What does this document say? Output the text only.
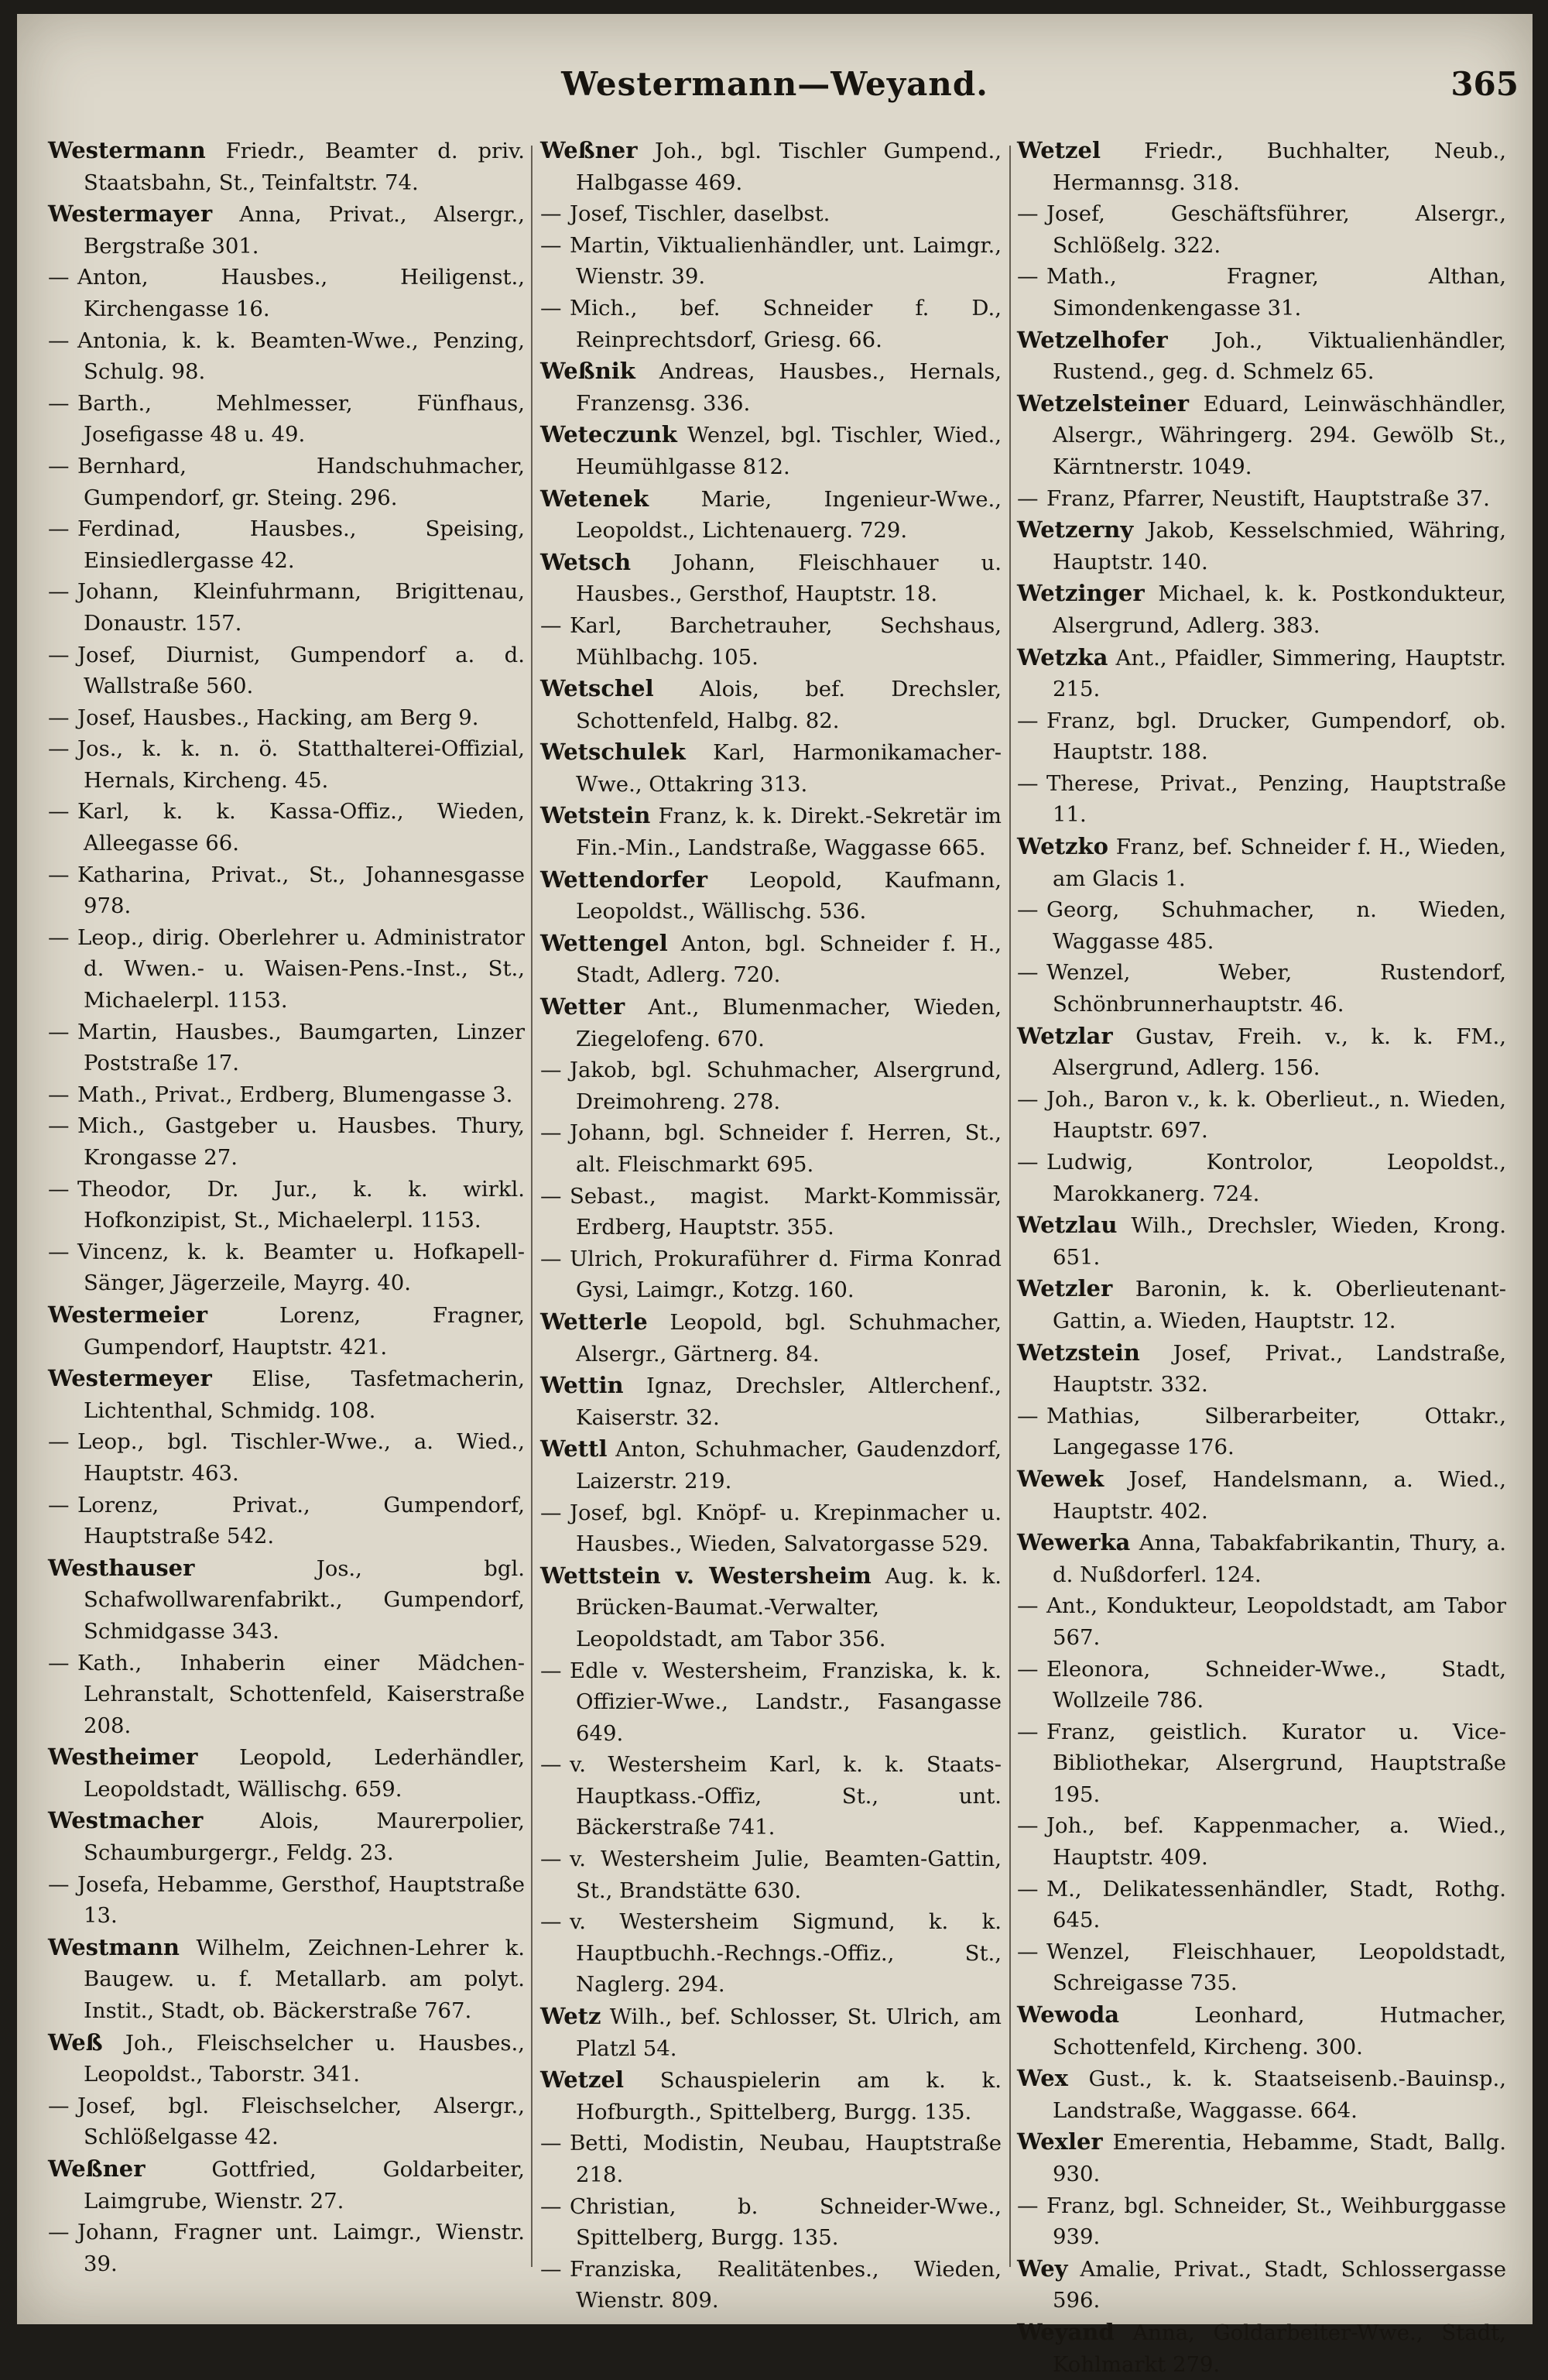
Westermann—Weyand.	365

Westermann Friedr., Beamter d. priv. Staatsbahn, St., Teinfaltstr. 74.

Westermayer Anna, Privat., Alsergr., Bergstraße 301.

— Anton, Hausbes., Heiligenst., Kirchengasse 16.

— Antonia, k. k. Beamten-Wwe., Penzing, Schulg. 98.

— Barth., Mehlmesser, Fünfhaus, Josefigasse 48 u. 49.

— Bernhard, Handschuhmacher, Gumpendorf, gr. Steing. 296.

— Ferdinad, Hausbes., Speising, Einsiedlergasse 42.

— Johann, Kleinfuhrmann, Brigittenau, Donaustr. 157.

— Josef, Diurnist, Gumpendorf a. d. Wallstraße 560.

— Josef, Hausbes., Hacking, am Berg 9.

— Jos., k. k. n. ö. Statthalterei-Offizial, Hernals, Kircheng. 45.

— Karl, k. k. Kassa-Offiz., Wieden, Alleegasse 66.

— Katharina, Privat., St., Johannesgasse 978.

— Leop., dirig. Oberlehrer u. Administrator d. Wwen.- u. Waisen-Pens.-Inst., St., Michaelerpl. 1153.

— Martin, Hausbes., Baumgarten, Linzer Poststraße 17.

— Math., Privat., Erdberg, Blumengasse 3.

— Mich., Gastgeber u. Hausbes. Thury, Krongasse 27.

— Theodor, Dr. Jur., k. k. wirkl. Hofkonzipist, St., Michaelerpl. 1153.

— Vincenz, k. k. Beamter u. Hofkapell-Sänger, Jägerzeile, Mayrg. 40.

Westermeier	Lorenz, Fragner, Gumpendorf, Hauptstr. 421.

Westermeyer Elise, Tasfetmacherin, Lichtenthal, Schmidg. 108.

— Leop., bgl. Tischler-Wwe., a. Wied., Hauptstr. 463.

— Lorenz, Privat., Gumpendorf, Hauptstraße 542.

Westhauser	Jos., bgl. Schafwollwarenfabrikt., Gumpendorf, Schmidgasse 343.

— Kath., Inhaberin einer Mädchen-Lehranstalt, Schottenfeld, Kaiserstraße 208.

Westheimer Leopold, Lederhändler, Leopoldstadt, Wällischg. 659.

Westmacher	Alois, Maurerpolier, Schaumburgergr., Feldg. 23.

— Josefa, Hebamme, Gersthof, Hauptstraße 13.

Westmann Wilhelm, Zeichnen-Lehrer k. Baugew. u. f. Metallarb. am polyt. Instit., Stadt, ob. Bäckerstraße 767.

Weß Joh., Fleischselcher u. Hausbes., Leopoldst., Taborstr. 341.

— Josef, bgl. Fleischselcher, Alsergr., Schlößelgasse 42.

Weßner	Gottfried, Goldarbeiter, Laimgrube, Wienstr. 27.

— Johann, Fragner unt. Laimgr., Wienstr. 39.

Weßner Joh., bgl. Tischler Gumpend., Halbgasse 469.

— Josef, Tischler, daselbst.

— Martin, Viktualienhändler, unt. Laimgr., Wienstr. 39.

— Mich., bef. Schneider f. D., Reinprechtsdorf, Griesg. 66.

Weßnik Andreas, Hausbes., Hernals, Franzensg. 336.

Weteczunk Wenzel, bgl. Tischler, Wied., Heumühlgasse 812.

Wetenek Marie, Ingenieur-Wwe., Leopoldst., Lichtenauerg. 729.

Wetsch Johann, Fleischhauer u. Hausbes., Gersthof, Hauptstr. 18.

— Karl, Barchetrauher, Sechshaus, Mühlbachg. 105.

Wetschel Alois, bef. Drechsler, Schottenfeld, Halbg. 82.

Wetschulek Karl, Harmonikamacher-Wwe., Ottakring 313.

Wetstein Franz, k. k. Direkt.-Sekretär im Fin.-Min., Landstraße, Waggasse 665.

Wettendorfer Leopold, Kaufmann, Leopoldst., Wällischg. 536.

Wettengel Anton, bgl. Schneider f. H., Stadt, Adlerg. 720.

Wetter Ant., Blumenmacher, Wieden, Ziegelofeng. 670.

— Jakob, bgl. Schuhmacher, Alsergrund, Dreimohreng. 278.

— Johann, bgl. Schneider f. Herren, St., alt. Fleischmarkt 695.

— Sebast., magist. Markt-Kommissär, Erdberg, Hauptstr. 355.

— Ulrich, Prokuraführer d. Firma Konrad Gysi, Laimgr., Kotzg. 160.

Wetterle Leopold, bgl. Schuhmacher, Alsergr., Gärtnerg. 84.

Wettin Ignaz, Drechsler, Altlerchenf., Kaiserstr. 32.

Wettl Anton, Schuhmacher, Gaudenzdorf, Laizerstr. 219.

— Josef, bgl. Knöpf- u. Krepinmacher u. Hausbes., Wieden, Salvatorgasse 529.

Wettstein v. Westersheim Aug. k. k. Brücken-Baumat.-Verwalter, Leopoldstadt, am Tabor 356.

— Edle v. Westersheim, Franziska, k. k. Offizier-Wwe., Landstr., Fasangasse 649.

— v. Westersheim Karl, k. k. Staats-Hauptkass.-Offiz, St., unt. Bäckerstraße 741.

— v. Westersheim Julie, Beamten-Gattin, St., Brandstätte 630.

— v. Westersheim Sigmund, k. k. Hauptbuchh.-Rechngs.-Offiz., St., Naglerg. 294.

Wetz Wilh., bef. Schlosser, St. Ulrich, am Platzl 54.

Wetzel Schauspielerin am k. k. Hofburgth., Spittelberg, Burgg. 135.

— Betti, Modistin, Neubau, Hauptstraße 218.

— Christian, b. Schneider-Wwe., Spittelberg, Burgg. 135.

— Franziska, Realitätenbes., Wieden, Wienstr. 809.

Wetzel Friedr., Buchhalter, Neub., Hermannsg. 318.

— Josef, Geschäftsführer, Alsergr., Schlößelg. 322.

— Math., Fragner, Althan, Simondenkengasse 31.

Wetzelhofer Joh., Viktualienhändler, Rustend., geg. d. Schmelz 65.

Wetzelsteiner Eduard, Leinwäschhändler, Alsergr., Währingerg. 294. Gewölb St., Kärntnerstr. 1049.

— Franz, Pfarrer, Neustift, Hauptstraße 37.

Wetzerny Jakob, Kesselschmied, Währing, Hauptstr. 140.

Wetzinger Michael, k. k. Postkondukteur, Alsergrund, Adlerg. 383.

Wetzka Ant., Pfaidler, Simmering, Hauptstr. 215.

— Franz, bgl. Drucker, Gumpendorf, ob. Hauptstr. 188.

— Therese, Privat., Penzing, Hauptstraße 11.

Wetzko Franz, bef. Schneider f. H., Wieden, am Glacis 1.

— Georg, Schuhmacher, n. Wieden, Waggasse 485.

— Wenzel, Weber, Rustendorf, Schönbrunnerhauptstr. 46.

Wetzlar Gustav, Freih. v., k. k. FM., Alsergrund, Adlerg. 156.

— Joh., Baron v., k. k. Oberlieut., n. Wieden, Hauptstr. 697.

— Ludwig, Kontrolor, Leopoldst., Marokkanerg. 724.

Wetzlau Wilh., Drechsler, Wieden, Krong. 651.

Wetzler Baronin, k. k. Oberlieutenant-Gattin, a. Wieden, Hauptstr. 12.

Wetzstein Josef, Privat., Landstraße, Hauptstr. 332.

— Mathias, Silberarbeiter, Ottakr., Langegasse 176.

Wewek Josef, Handelsmann, a. Wied., Hauptstr. 402.

Wewerka Anna, Tabakfabrikantin, Thury, a. d. Nußdorferl. 124.

— Ant., Kondukteur, Leopoldstadt, am Tabor 567.

— Eleonora, Schneider-Wwe., Stadt, Wollzeile 786.

— Franz, geistlich. Kurator u. Vice-Bibliothekar, Alsergrund, Hauptstraße 195.

— Joh., bef. Kappenmacher, a. Wied., Hauptstr. 409.

— M., Delikatessenhändler, Stadt, Rothg. 645.

— Wenzel, Fleischhauer, Leopoldstadt, Schreigasse 735.

Wewoda	Leonhard, Hutmacher, Schottenfeld, Kircheng. 300.

Wex Gust., k. k. Staatseisenb.-Bauinsp., Landstraße, Waggasse. 664.

Wexler Emerentia, Hebamme, Stadt, Ballg. 930.

— Franz, bgl. Schneider, St., Weihburggasse 939.

Wey Amalie, Privat., Stadt, Schlossergasse 596.

Weyand Anna, Goldarbeiter-Wwe., Stadt, Kohlmarkt 279.
